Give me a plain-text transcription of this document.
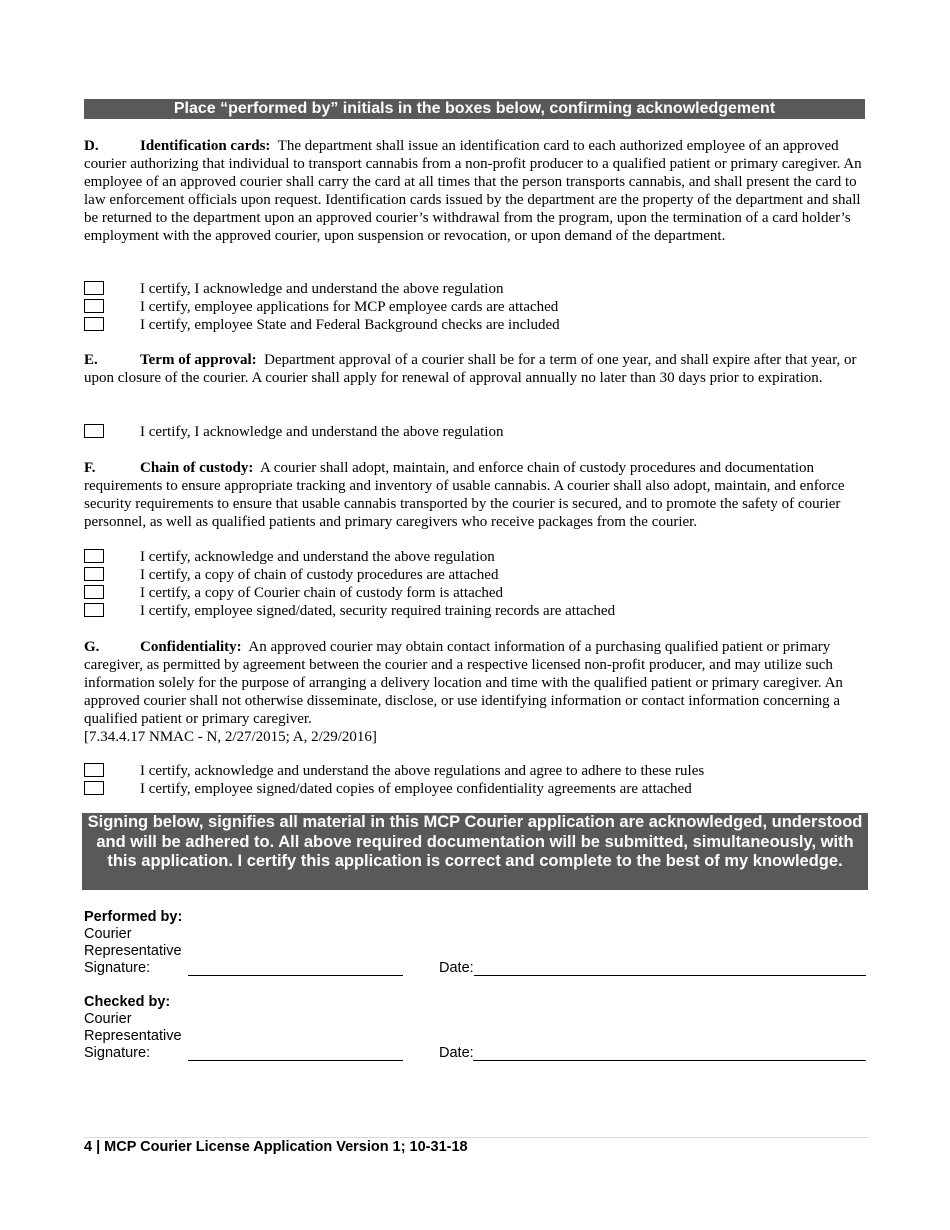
Place “performed by” initials in the boxes below, confirming acknowledgement
D.	Identification cards: The department shall issue an identification card to each authorized employee of an approved courier authorizing that individual to transport cannabis from a non-profit producer to a qualified patient or primary caregiver. An employee of an approved courier shall carry the card at all times that the person transports cannabis, and shall present the card to law enforcement officials upon request. Identification cards issued by the department are the property of the department and shall be returned to the department upon an approved courier’s withdrawal from the program, upon the termination of a card holder’s employment with the approved courier, upon suspension or revocation, or upon demand of the department.
I certify, I acknowledge and understand the above regulation
I certify, employee applications for MCP employee cards are attached
I certify, employee State and Federal Background checks are included
E.	Term of approval: Department approval of a courier shall be for a term of one year, and shall expire after that year, or upon closure of the courier. A courier shall apply for renewal of approval annually no later than 30 days prior to expiration.
I certify, I acknowledge and understand the above regulation
F.	Chain of custody: A courier shall adopt, maintain, and enforce chain of custody procedures and documentation requirements to ensure appropriate tracking and inventory of usable cannabis. A courier shall also adopt, maintain, and enforce security requirements to ensure that usable cannabis transported by the courier is secured, and to promote the safety of courier personnel, as well as qualified patients and primary caregivers who receive packages from the courier.
I certify, acknowledge and understand the above regulation
I certify, a copy of chain of custody procedures are attached
I certify, a copy of Courier chain of custody form is attached
I certify, employee signed/dated, security required training records are attached
G.	Confidentiality: An approved courier may obtain contact information of a purchasing qualified patient or primary caregiver, as permitted by agreement between the courier and a respective licensed non-profit producer, and may utilize such information solely for the purpose of arranging a delivery location and time with the qualified patient or primary caregiver. An approved courier shall not otherwise disseminate, disclose, or use identifying information or contact information concerning a qualified patient or primary caregiver.
[7.34.4.17 NMAC - N, 2/27/2015; A, 2/29/2016]
I certify, acknowledge and understand the above regulations and agree to adhere to these rules
I certify, employee signed/dated copies of employee confidentiality agreements are attached
Signing below, signifies all material in this MCP Courier application are acknowledged, understood and will be adhered to. All above required documentation will be submitted, simultaneously, with this application. I certify this application is correct and complete to the best of my knowledge.
Performed by:
Courier
Representative
Signature:	Date:
Checked by:
Courier
Representative
Signature:	Date:
4 | MCP Courier License Application Version 1; 10-31-18
